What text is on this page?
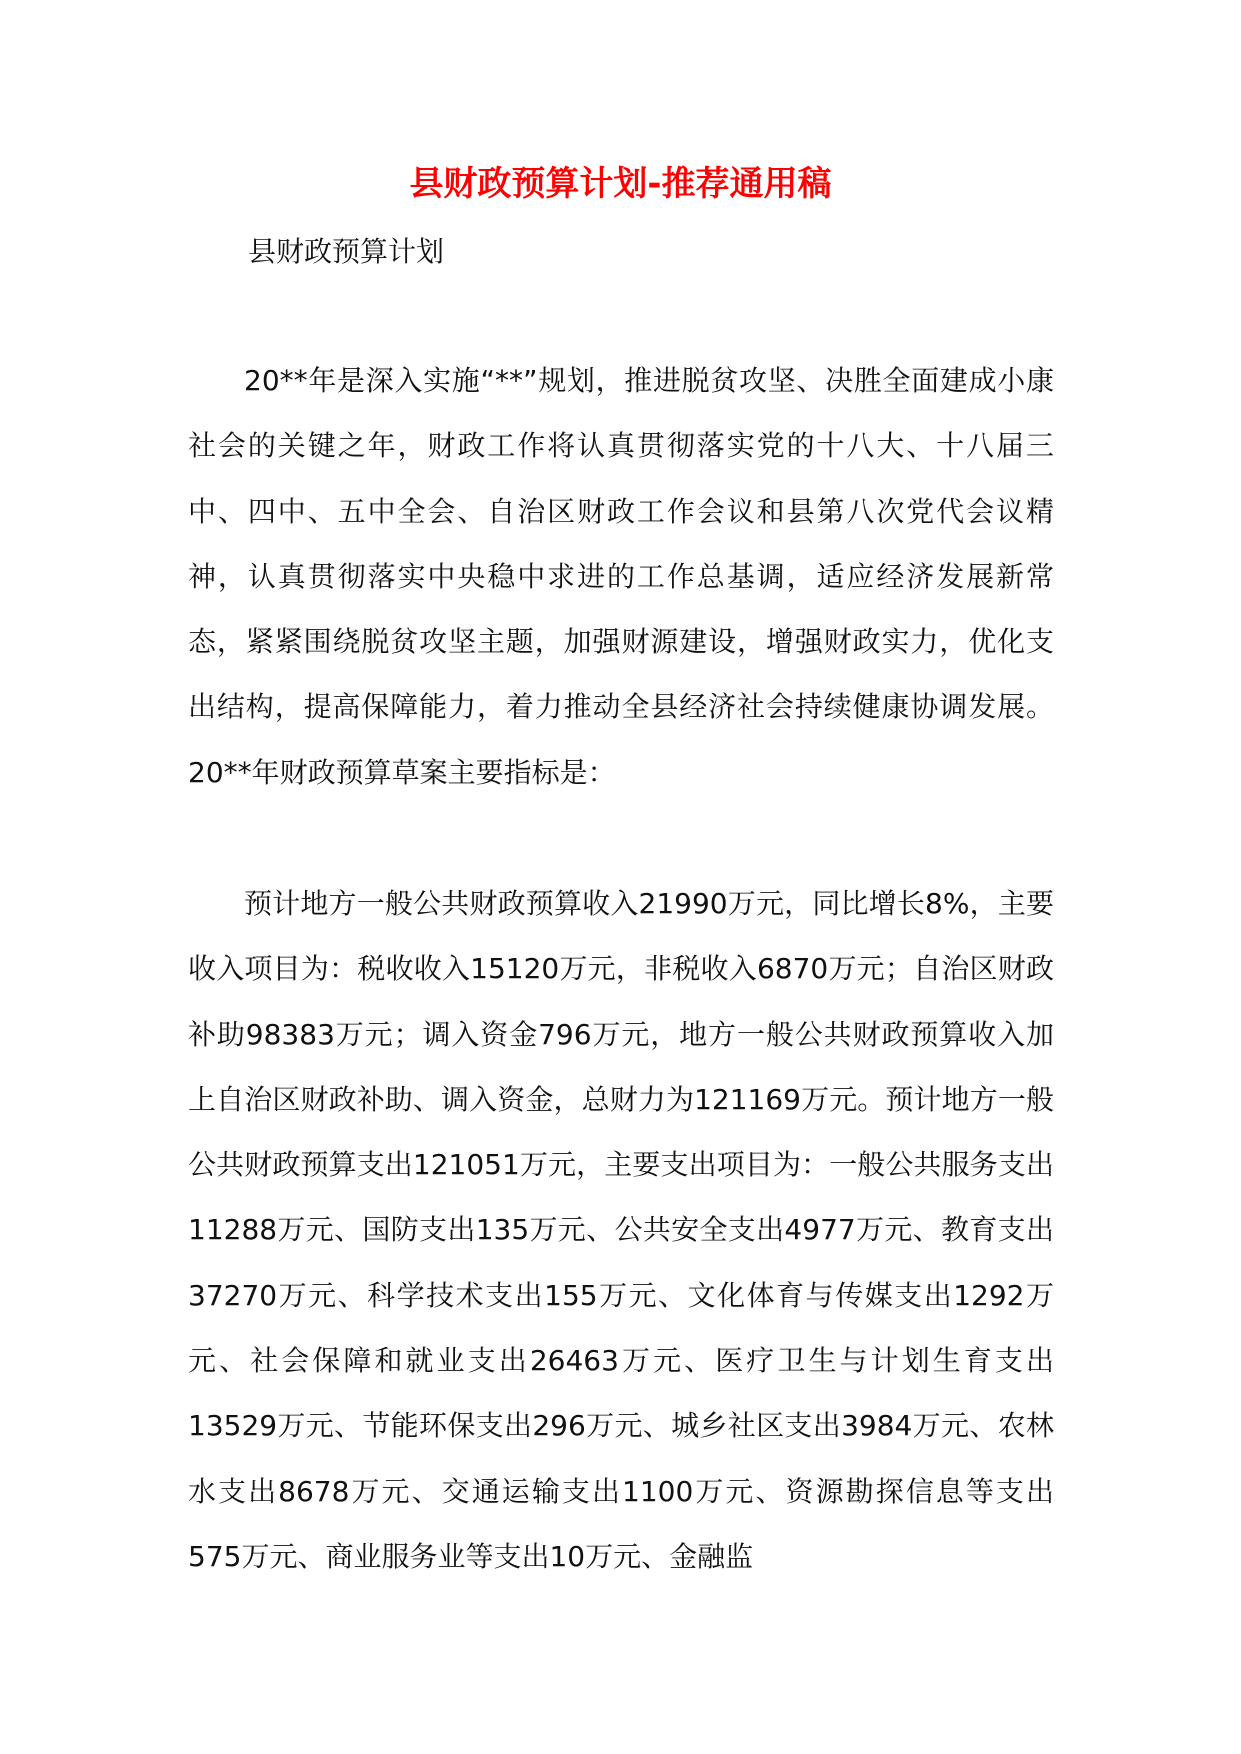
县财政预算计划-推荐通用稿

县财政预算计划

20**年是深入实施“**”规划，推进脱贫攻坚、决胜全面建成小康社会的关键之年，财政工作将认真贯彻落实党的十八大、十八届三中、四中、五中全会、自治区财政工作会议和县第八次党代会议精神，认真贯彻落实中央稳中求进的工作总基调，适应经济发展新常态，紧紧围绕脱贫攻坚主题，加强财源建设，增强财政实力，优化支出结构，提高保障能力，着力推动全县经济社会持续健康协调发展。20**年财政预算草案主要指标是：

预计地方一般公共财政预算收入21990万元，同比增长8%，主要收入项目为：税收收入15120万元，非税收入6870万元；自治区财政补助98383万元；调入资金796万元，地方一般公共财政预算收入加上自治区财政补助、调入资金，总财力为121169万元。预计地方一般公共财政预算支出121051万元，主要支出项目为：一般公共服务支出11288万元、国防支出135万元、公共安全支出4977万元、教育支出37270万元、科学技术支出155万元、文化体育与传媒支出1292万元、社会保障和就业支出26463万元、医疗卫生与计划生育支出13529万元、节能环保支出296万元、城乡社区支出3984万元、农林水支出8678万元、交通运输支出1100万元、资源勘探信息等支出575万元、商业服务业等支出10万元、金融监
